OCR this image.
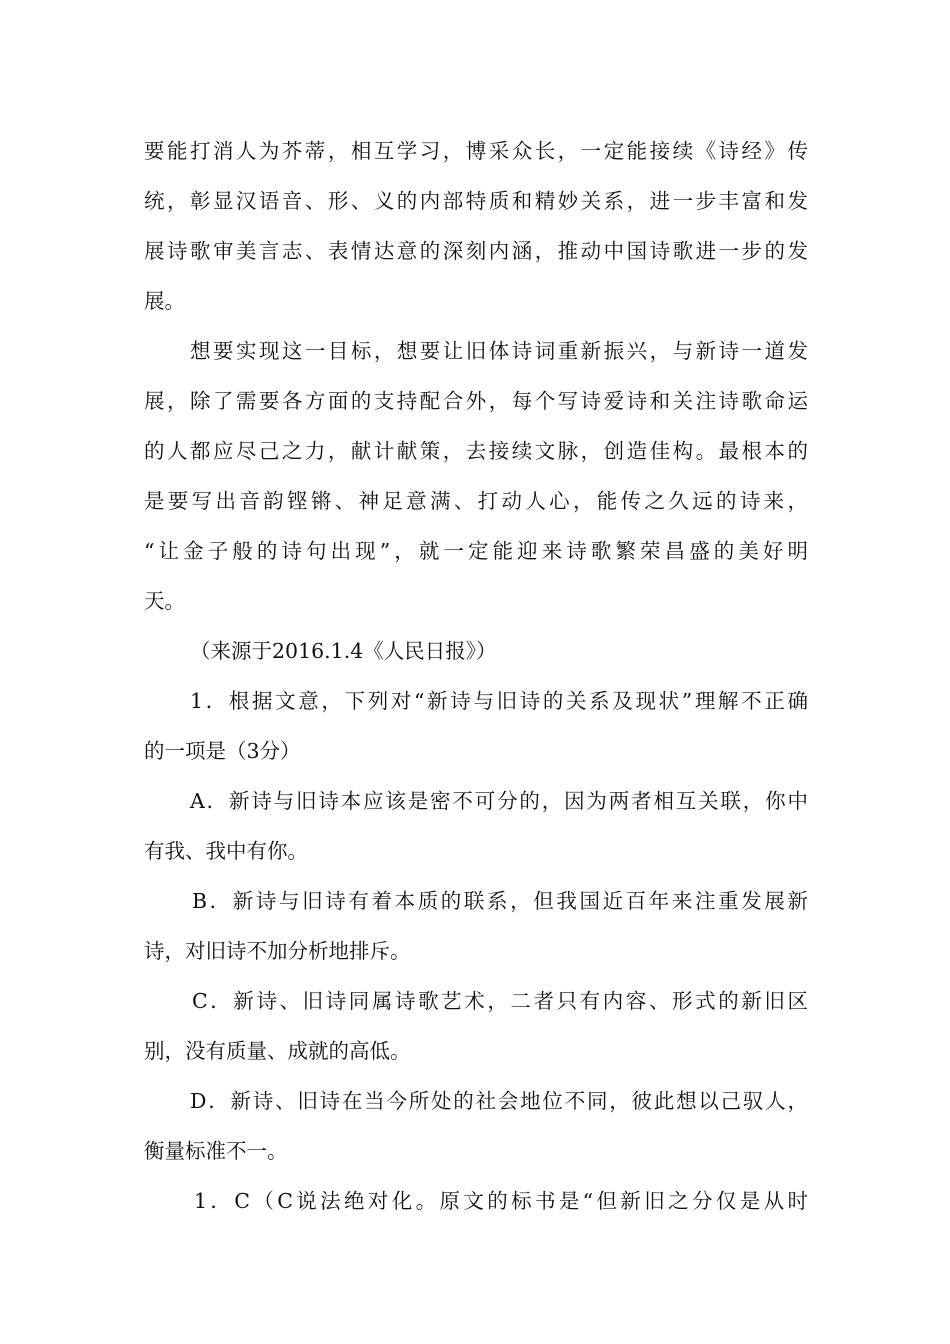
要能打消人为芥蒂，相互学习，博采众长，一定能接续《诗经》传
统，彰显汉语音、形、义的内部特质和精妙关系，进一步丰富和发
展诗歌审美言志、表情达意的深刻内涵，推动中国诗歌进一步的发
展。
想要实现这一目标，想要让旧体诗词重新振兴，与新诗一道发
展，除了需要各方面的支持配合外，每个写诗爱诗和关注诗歌命运
的人都应尽己之力，献计献策，去接续文脉，创造佳构。最根本的
是要写出音韵铿锵、神足意满、打动人心，能传之久远的诗来，
“让金子般的诗句出现”，就一定能迎来诗歌繁荣昌盛的美好明
天。
（来源于2016.1.4《人民日报》）
1．根据文意，下列对“新诗与旧诗的关系及现状”理解不正确
的一项是（3分）
A．新诗与旧诗本应该是密不可分的，因为两者相互关联，你中
有我、我中有你。
B．新诗与旧诗有着本质的联系，但我国近百年来注重发展新
诗，对旧诗不加分析地排斥。
C．新诗、旧诗同属诗歌艺术，二者只有内容、形式的新旧区
别，没有质量、成就的高低。
D．新诗、旧诗在当今所处的社会地位不同，彼此想以己驭人，
衡量标准不一。
1．C（C说法绝对化。原文的标书是“但新旧之分仅是从时
